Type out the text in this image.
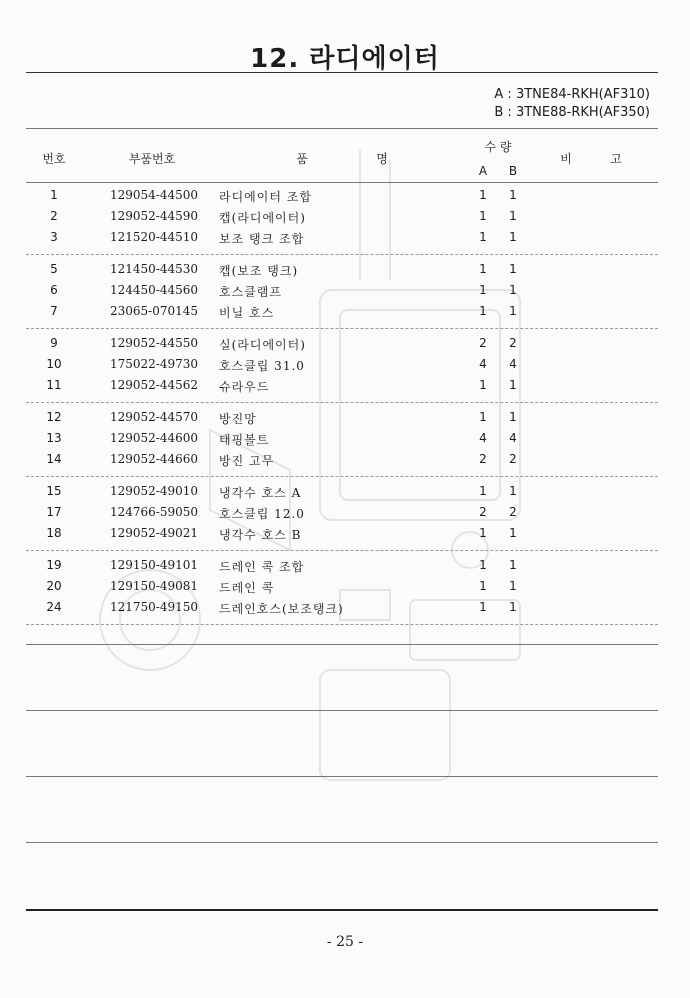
12. 라디에이터
A : 3TNE84-RKH(AF310)
B : 3TNE88-RKH(AF350)
번호	부품번호	품	명
수 량
A	B
비	고
1	129054-44500 라디에이터 조합	1	1
2	129052-44590 캡(라디에이터)	1	1
3	121520-44510 보조 탱크 조합	1	1
5	121450-44530 캡(보조 탱크)	1	1
6	124450-44560 호스클램프	1	1
7	23065-070145 비닐 호스	1	1
9	129052-44550 실(라디에이터)	2	2
10	175022-49730 호스클립 31.0	4	4
11	129052-44562 슈라우드	1	1
12	129052-44570 방진망	1	1
13	129052-44600 태핑볼트	4	4
14	129052-44660 방진 고무	2	2
15	129052-49010 냉각수 호스 A	1	1
17	124766-59050 호스클립 12.0	2	2
18	129052-49021 냉각수 호스 B	1	1
19	129150-49101 드레인 콕 조합	1	1
20	129150-49081 드레인 콕	1	1
24	121750-49150 드레인호스(보조탱크)	1	1
- 25 -
